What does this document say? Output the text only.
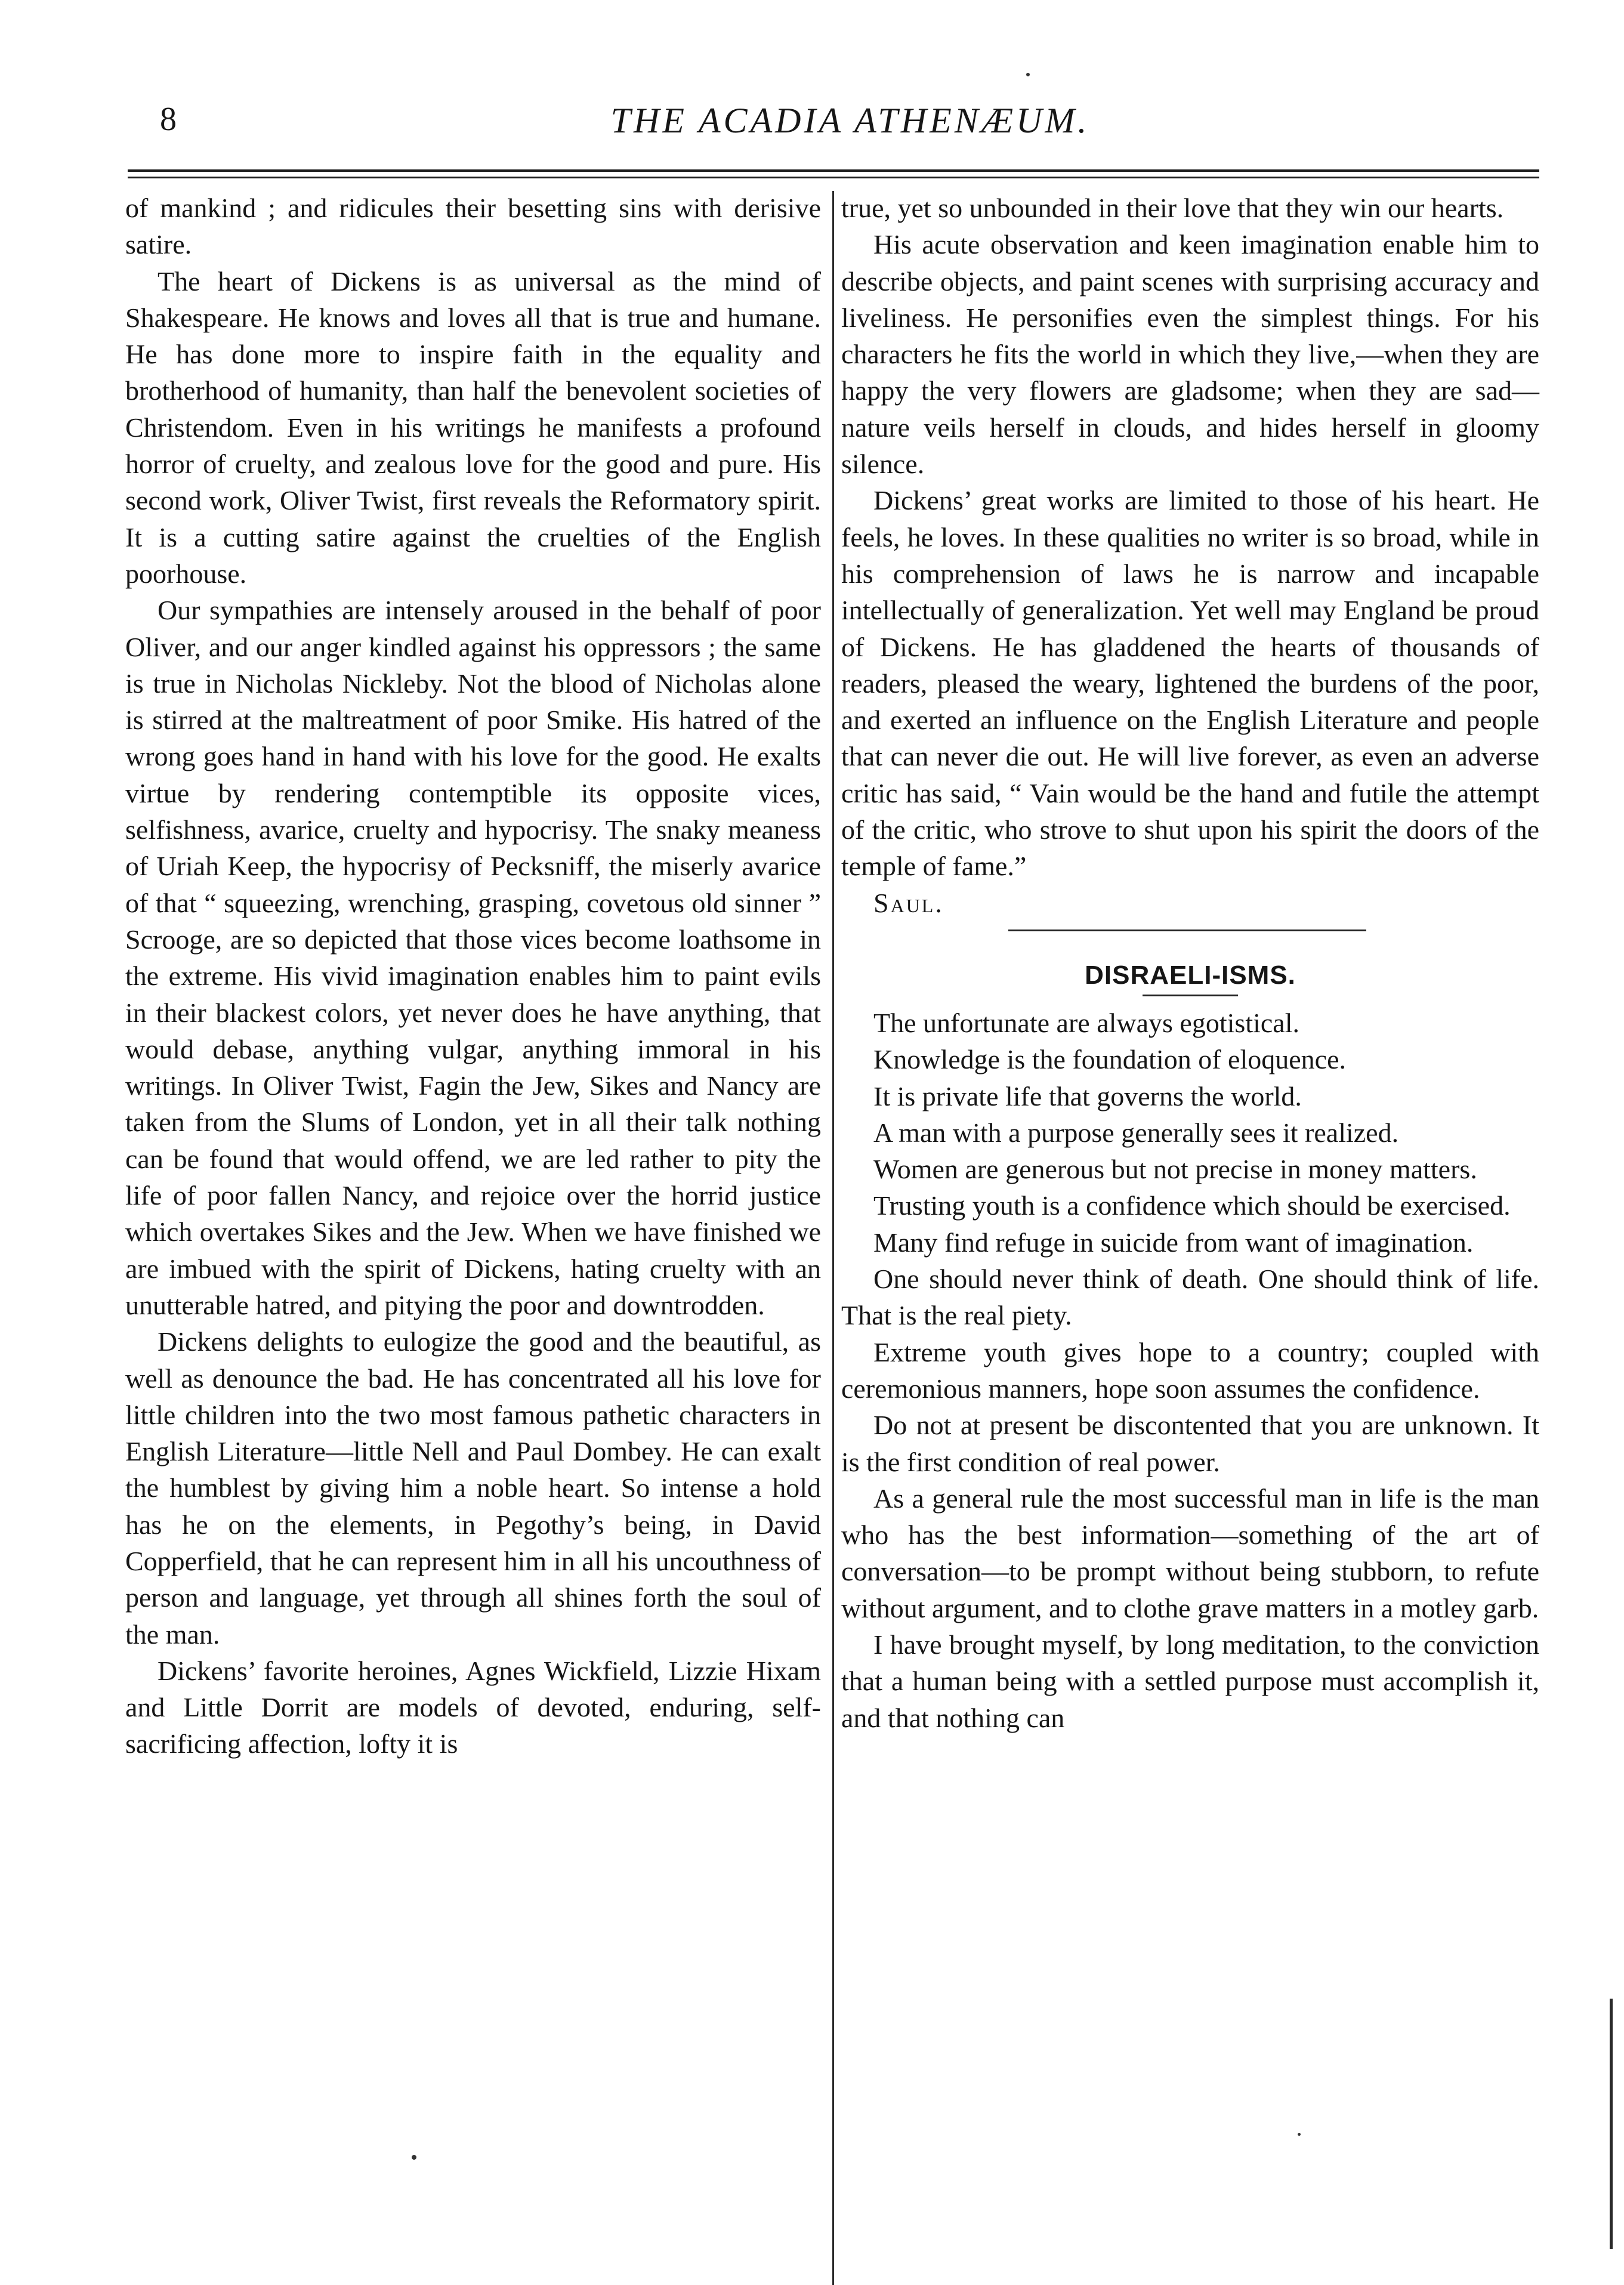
8	THE ACADIA ATHENÆUM.

of mankind ; and ridicules their besetting sins with derisive satire.

The heart of Dickens is as universal as the mind of Shakespeare. He knows and loves all that is true and humane. He has done more to inspire faith in the equality and brotherhood of humanity, than half the benevolent societies of Christendom. Even in his writings he manifests a profound horror of cruelty, and zealous love for the good and pure. His second work, Oliver Twist, first reveals the Reformatory spirit. It is a cutting satire against the cruelties of the English poorhouse.

Our sympathies are intensely aroused in the behalf of poor Oliver, and our anger kindled against his oppressors ; the same is true in Nicholas Nickleby. Not the blood of Nicholas alone is stirred at the maltreatment of poor Smike. His hatred of the wrong goes hand in hand with his love for the good. He exalts virtue by rendering contemptible its opposite vices, selfishness, avarice, cruelty and hypocrisy. The snaky meaness of Uriah Keep, the hypocrisy of Pecksniff, the miserly avarice of that “ squeezing, wrenching, grasping, covetous old sinner ” Scrooge, are so depicted that those vices become loathsome in the extreme. His vivid imagination enables him to paint evils in their blackest colors, yet never does he have anything, that would debase, anything vulgar, anything immoral in his writings. In Oliver Twist, Fagin the Jew, Sikes and Nancy are taken from the Slums of London, yet in all their talk nothing can be found that would offend, we are led rather to pity the life of poor fallen Nancy, and rejoice over the horrid justice which overtakes Sikes and the Jew. When we have finished we are imbued with the spirit of Dickens, hating cruelty with an unutterable hatred, and pitying the poor and downtrodden.

Dickens delights to eulogize the good and the beautiful, as well as denounce the bad. He has concentrated all his love for little children into the two most famous pathetic characters in English Literature—little Nell and Paul Dombey. He can exalt the humblest by giving him a noble heart. So intense a hold has he on the elements, in Pegothy’s being, in David Copperfield, that he can represent him in all his uncouthness of person and language, yet through all shines forth the soul of the man.

Dickens’ favorite heroines, Agnes Wickfield, Lizzie Hixam and Little Dorrit are models of devoted, enduring, self-sacrificing affection, lofty it is

true, yet so unbounded in their love that they win our hearts.

His acute observation and keen imagination enable him to describe objects, and paint scenes with surprising accuracy and liveliness. He personifies even the simplest things. For his characters he fits the world in which they live,—when they are happy the very flowers are gladsome; when they are sad—nature veils herself in clouds, and hides herself in gloomy silence.

Dickens’ great works are limited to those of his heart. He feels, he loves. In these qualities no writer is so broad, while in his comprehension of laws he is narrow and incapable intellectually of generalization. Yet well may England be proud of Dickens. He has gladdened the hearts of thousands of readers, pleased the weary, lightened the burdens of the poor, and exerted an influence on the English Literature and people that can never die out. He will live forever, as even an adverse critic has said, “ Vain would be the hand and futile the attempt of the critic, who strove to shut upon his spirit the doors of the temple of fame.”

Saul.

DISRAELI-ISMS.

The unfortunate are always egotistical.

Knowledge is the foundation of eloquence.

It is private life that governs the world.

A man with a purpose generally sees it realized.

Women are generous but not precise in money matters.

Trusting youth is a confidence which should be exercised.

Many find refuge in suicide from want of imagination.

One should never think of death. One should think of life. That is the real piety.

Extreme youth gives hope to a country; coupled with ceremonious manners, hope soon assumes the confidence.

Do not at present be discontented that you are unknown. It is the first condition of real power.

As a general rule the most successful man in life is the man who has the best information—something of the art of conversation—to be prompt without being stubborn, to refute without argument, and to clothe grave matters in a motley garb.

I have brought myself, by long meditation, to the conviction that a human being with a settled purpose must accomplish it, and that nothing can
